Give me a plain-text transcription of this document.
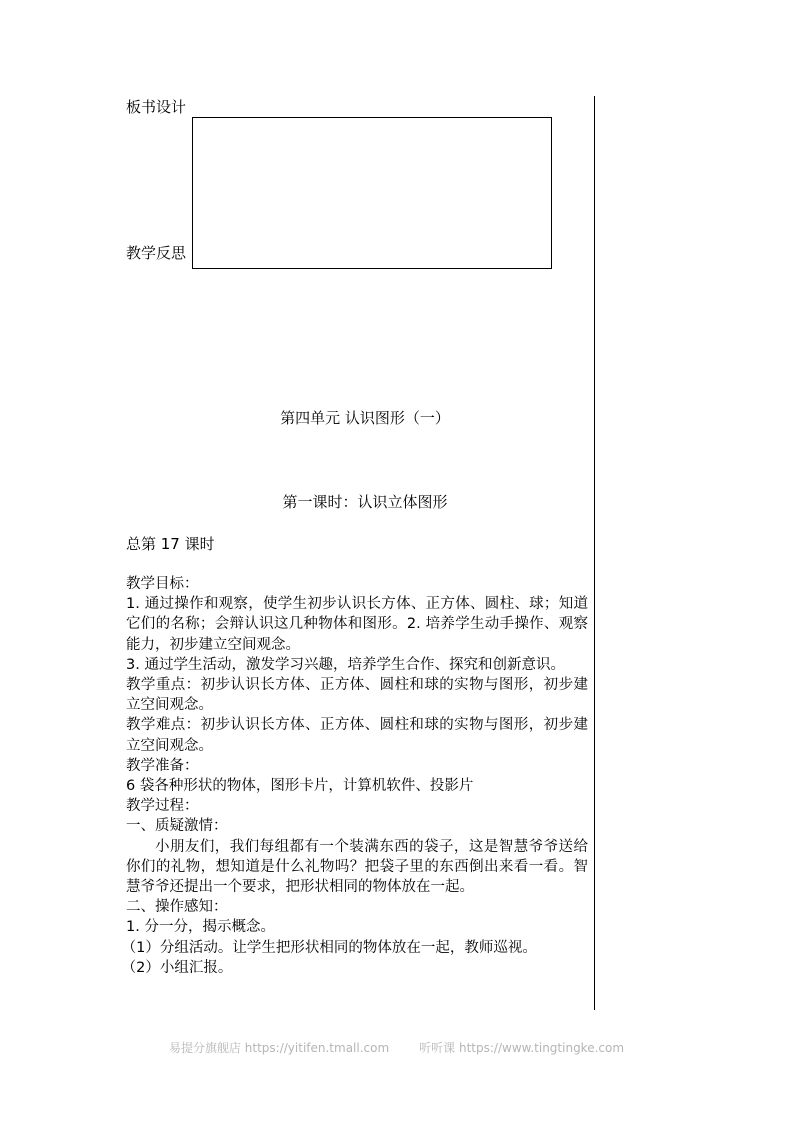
板书设计
教学反思
第四单元 认识图形（一）
第一课时：认识立体图形
总第 17 课时

教学目标：

1. 通过操作和观察，使学生初步认识长方体、正方体、圆柱、球；知道它们的名称；会辩认识这几种物体和图形。2. 培养学生动手操作、观察能力，初步建立空间观念。

3. 通过学生活动，激发学习兴趣，培养学生合作、探究和创新意识。

教学重点：初步认识长方体、正方体、圆柱和球的实物与图形，初步建立空间观念。

教学难点：初步认识长方体、正方体、圆柱和球的实物与图形，初步建立空间观念。

教学准备：

6 袋各种形状的物体，图形卡片，计算机软件、投影片

教学过程：

一、质疑激情：

小朋友们，我们每组都有一个装满东西的袋子，这是智慧爷爷送给你们的礼物，想知道是什么礼物吗？把袋子里的东西倒出来看一看。智慧爷爷还提出一个要求，把形状相同的物体放在一起。

二、操作感知：

1. 分一分，揭示概念。

（1）分组活动。让学生把形状相同的物体放在一起，教师巡视。

（2）小组汇报。

易提分旗舰店 https://yitifen.tmall.com	听听课 https://www.tingtingke.com
